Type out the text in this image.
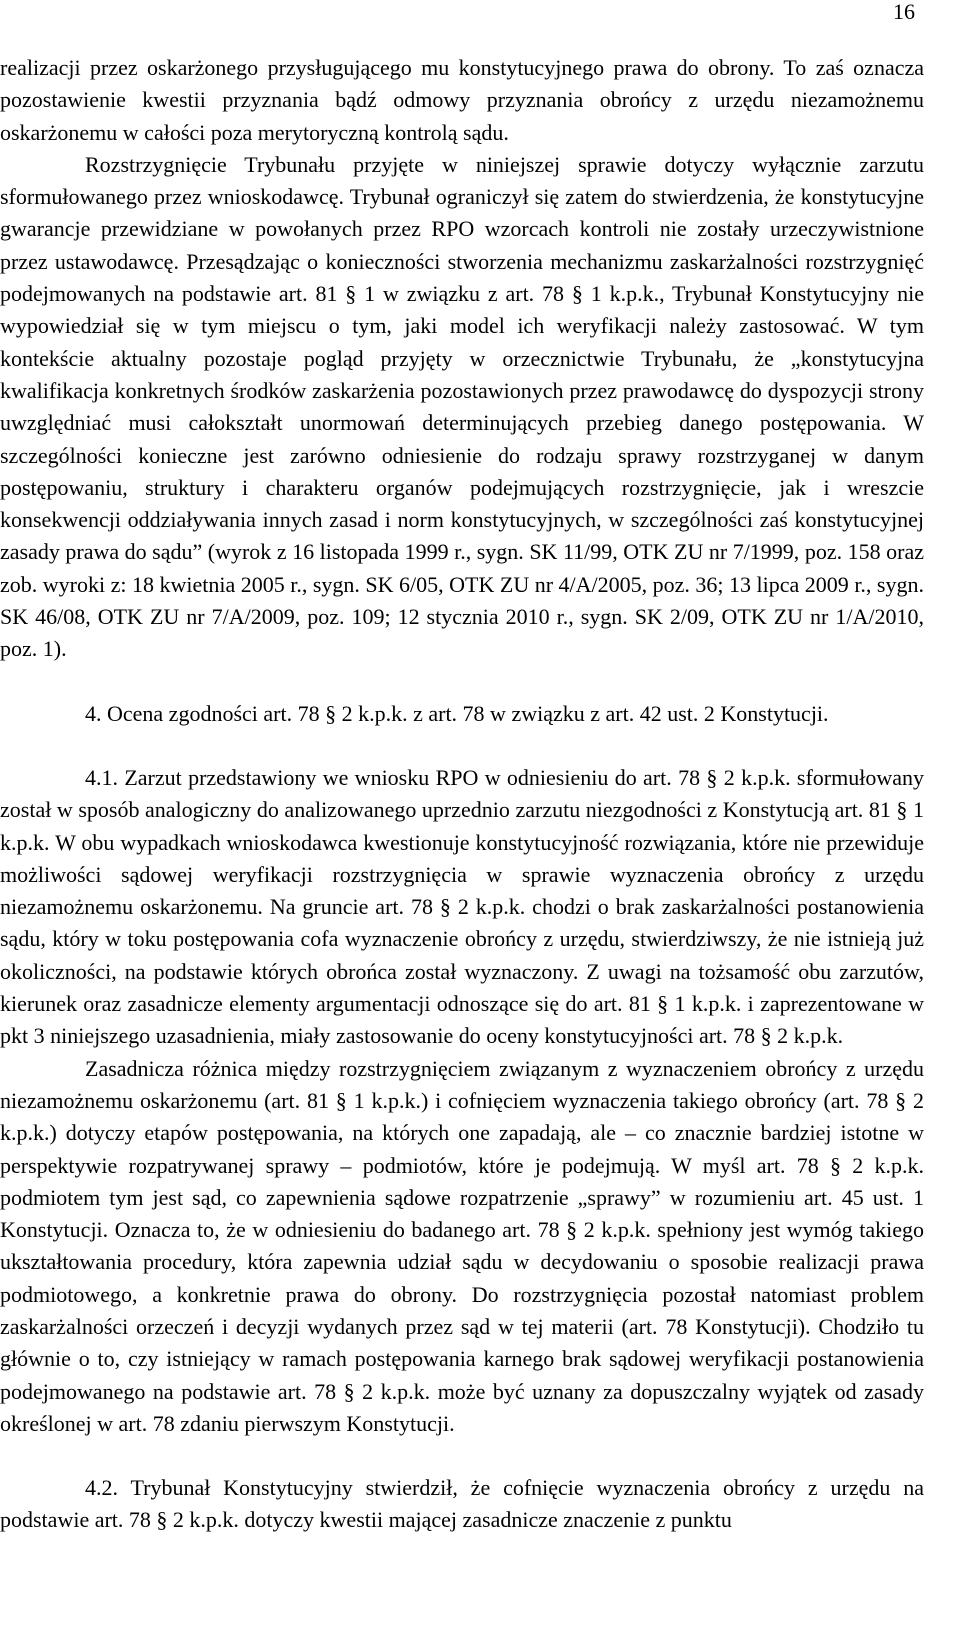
16

realizacji przez oskarżonego przysługującego mu konstytucyjnego prawa do obrony. To zaś oznacza pozostawienie kwestii przyznania bądź odmowy przyznania obrońcy z urzędu niezamożnemu oskarżonemu w całości poza merytoryczną kontrolą sądu.

Rozstrzygnięcie Trybunału przyjęte w niniejszej sprawie dotyczy wyłącznie zarzutu sformułowanego przez wnioskodawcę. Trybunał ograniczył się zatem do stwierdzenia, że konstytucyjne gwarancje przewidziane w powołanych przez RPO wzorcach kontroli nie zostały urzeczywistnione przez ustawodawcę. Przesądzając o konieczności stworzenia mechanizmu zaskarżalności rozstrzygnięć podejmowanych na podstawie art. 81 § 1 w związku z art. 78 § 1 k.p.k., Trybunał Konstytucyjny nie wypowiedział się w tym miejscu o tym, jaki model ich weryfikacji należy zastosować. W tym kontekście aktualny pozostaje pogląd przyjęty w orzecznictwie Trybunału, że „konstytucyjna kwalifikacja konkretnych środków zaskarżenia pozostawionych przez prawodawcę do dyspozycji strony uwzględniać musi całokształt unormowań determinujących przebieg danego postępowania. W szczególności konieczne jest zarówno odniesienie do rodzaju sprawy rozstrzyganej w danym postępowaniu, struktury i charakteru organów podejmujących rozstrzygnięcie, jak i wreszcie konsekwencji oddziaływania innych zasad i norm konstytucyjnych, w szczególności zaś konstytucyjnej zasady prawa do sądu” (wyrok z 16 listopada 1999 r., sygn. SK 11/99, OTK ZU nr 7/1999, poz. 158 oraz zob. wyroki z: 18 kwietnia 2005 r., sygn. SK 6/05, OTK ZU nr 4/A/2005, poz. 36; 13 lipca 2009 r., sygn. SK 46/08, OTK ZU nr 7/A/2009, poz. 109; 12 stycznia 2010 r., sygn. SK 2/09, OTK ZU nr 1/A/2010, poz. 1).

4. Ocena zgodności art. 78 § 2 k.p.k. z art. 78 w związku z art. 42 ust. 2 Konstytucji.

4.1. Zarzut przedstawiony we wniosku RPO w odniesieniu do art. 78 § 2 k.p.k. sformułowany został w sposób analogiczny do analizowanego uprzednio zarzutu niezgodności z Konstytucją art. 81 § 1 k.p.k. W obu wypadkach wnioskodawca kwestionuje konstytucyjność rozwiązania, które nie przewiduje możliwości sądowej weryfikacji rozstrzygnięcia w sprawie wyznaczenia obrońcy z urzędu niezamożnemu oskarżonemu. Na gruncie art. 78 § 2 k.p.k. chodzi o brak zaskarżalności postanowienia sądu, który w toku postępowania cofa wyznaczenie obrońcy z urzędu, stwierdziwszy, że nie istnieją już okoliczności, na podstawie których obrońca został wyznaczony. Z uwagi na tożsamość obu zarzutów, kierunek oraz zasadnicze elementy argumentacji odnoszące się do art. 81 § 1 k.p.k. i zaprezentowane w pkt 3 niniejszego uzasadnienia, miały zastosowanie do oceny konstytucyjności art. 78 § 2 k.p.k.

Zasadnicza różnica między rozstrzygnięciem związanym z wyznaczeniem obrońcy z urzędu niezamożnemu oskarżonemu (art. 81 § 1 k.p.k.) i cofnięciem wyznaczenia takiego obrońcy (art. 78 § 2 k.p.k.) dotyczy etapów postępowania, na których one zapadają, ale – co znacznie bardziej istotne w perspektywie rozpatrywanej sprawy – podmiotów, które je podejmują. W myśl art. 78 § 2 k.p.k. podmiotem tym jest sąd, co zapewnienia sądowe rozpatrzenie „sprawy” w rozumieniu art. 45 ust. 1 Konstytucji. Oznacza to, że w odniesieniu do badanego art. 78 § 2 k.p.k. spełniony jest wymóg takiego ukształtowania procedury, która zapewnia udział sądu w decydowaniu o sposobie realizacji prawa podmiotowego, a konkretnie prawa do obrony. Do rozstrzygnięcia pozostał natomiast problem zaskarżalności orzeczeń i decyzji wydanych przez sąd w tej materii (art. 78 Konstytucji). Chodziło tu głównie o to, czy istniejący w ramach postępowania karnego brak sądowej weryfikacji postanowienia podejmowanego na podstawie art. 78 § 2 k.p.k. może być uznany za dopuszczalny wyjątek od zasady określonej w art. 78 zdaniu pierwszym Konstytucji.

4.2. Trybunał Konstytucyjny stwierdził, że cofnięcie wyznaczenia obrońcy z urzędu na podstawie art. 78 § 2 k.p.k. dotyczy kwestii mającej zasadnicze znaczenie z punktu
